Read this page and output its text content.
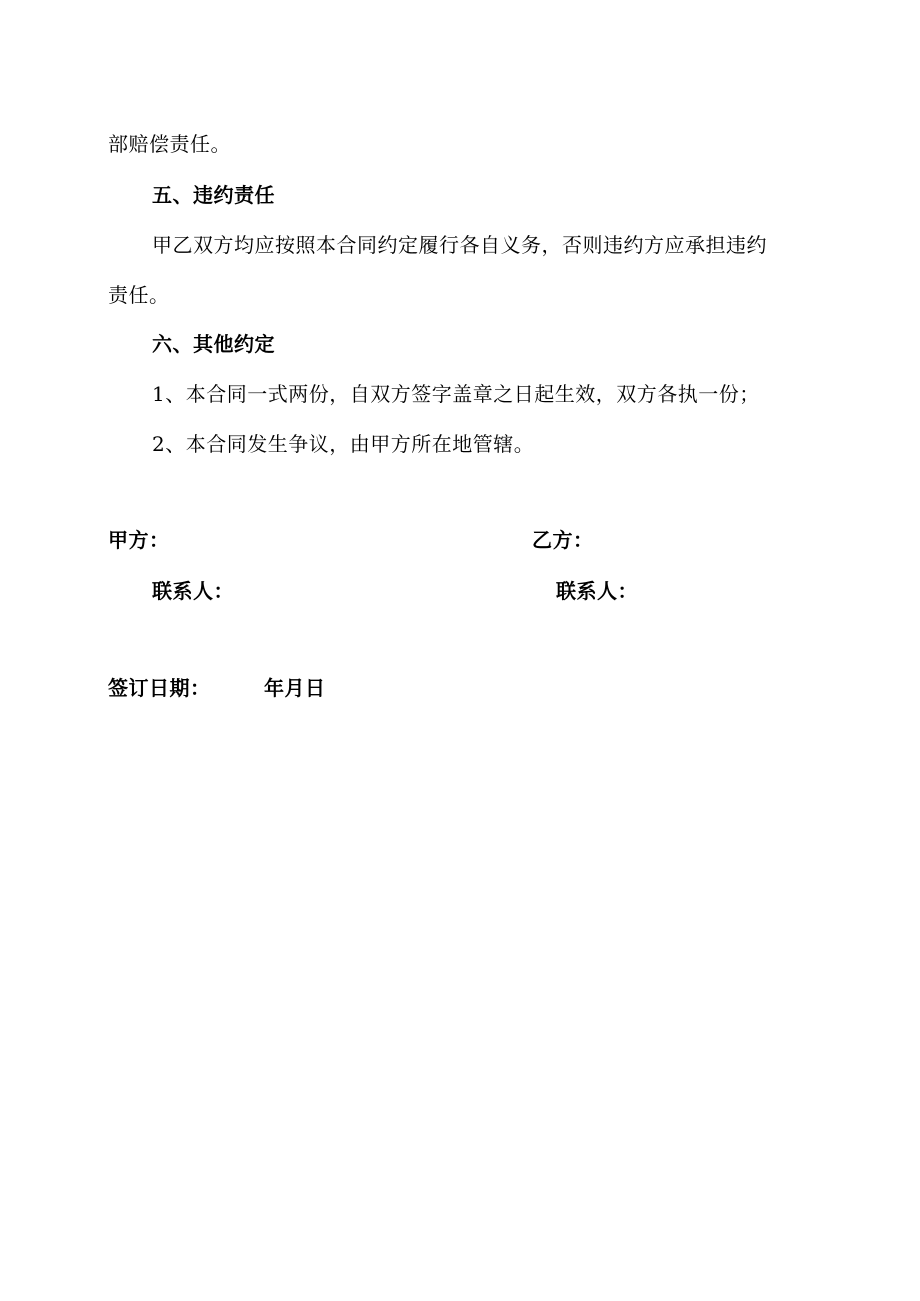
部赔偿责任。
五、违约责任
甲乙双方均应按照本合同约定履行各自义务，否则违约方应承担违约
责任。
六、其他约定
1、本合同一式两份，自双方签字盖章之日起生效，双方各执一份；
2、本合同发生争议，由甲方所在地管辖。
甲方：	乙方：
联系人：	联系人：
签订日期：	年月日
